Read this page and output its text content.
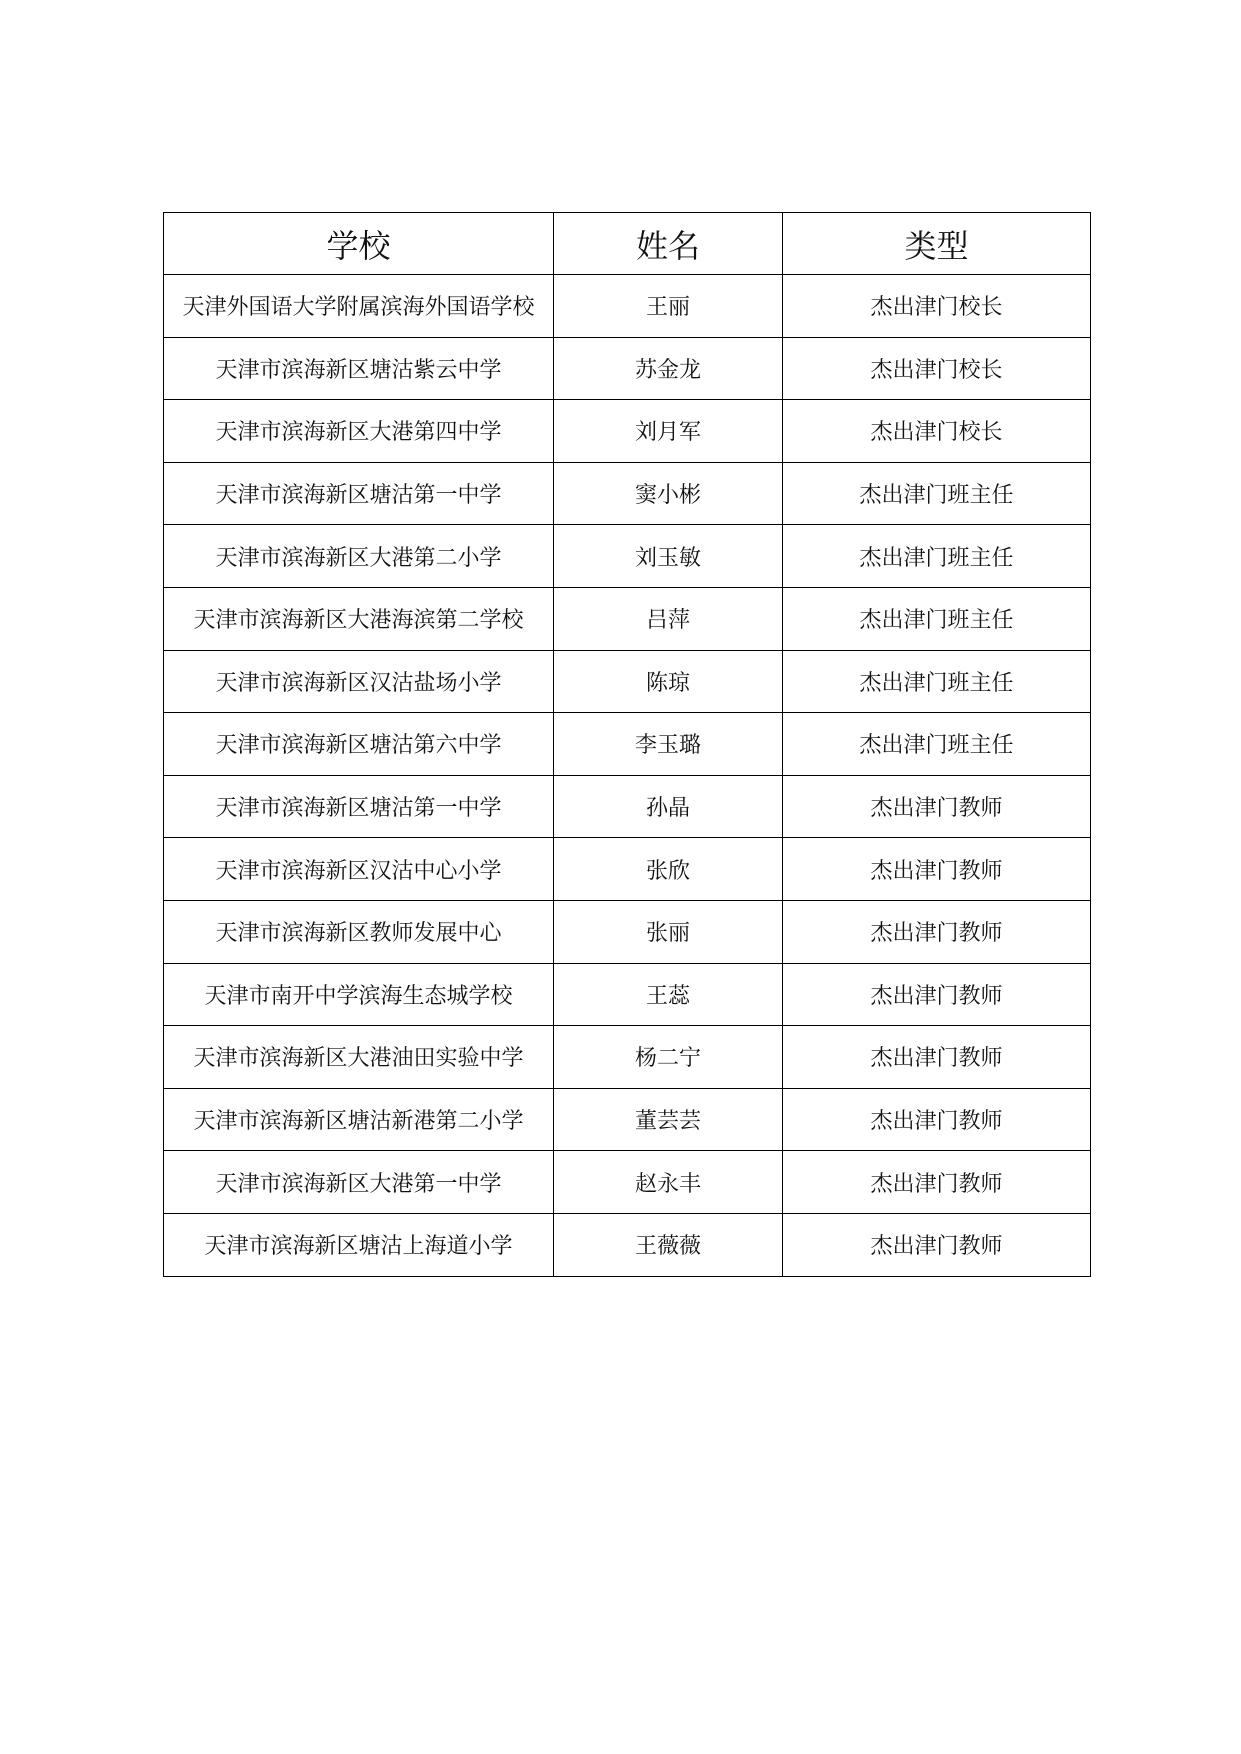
学校	姓名	类型
天津外国语大学附属滨海外国语学校	王丽	杰出津门校长
天津市滨海新区塘沽紫云中学	苏金龙	杰出津门校长
天津市滨海新区大港第四中学	刘月军	杰出津门校长
天津市滨海新区塘沽第一中学	窦小彬	杰出津门班主任
天津市滨海新区大港第二小学	刘玉敏	杰出津门班主任
天津市滨海新区大港海滨第二学校	吕萍	杰出津门班主任
天津市滨海新区汉沽盐场小学	陈琼	杰出津门班主任
天津市滨海新区塘沽第六中学	李玉璐	杰出津门班主任
天津市滨海新区塘沽第一中学	孙晶	杰出津门教师
天津市滨海新区汉沽中心小学	张欣	杰出津门教师
天津市滨海新区教师发展中心	张丽	杰出津门教师
天津市南开中学滨海生态城学校	王蕊	杰出津门教师
天津市滨海新区大港油田实验中学	杨二宁	杰出津门教师
天津市滨海新区塘沽新港第二小学	董芸芸	杰出津门教师
天津市滨海新区大港第一中学	赵永丰	杰出津门教师
天津市滨海新区塘沽上海道小学	王薇薇	杰出津门教师
